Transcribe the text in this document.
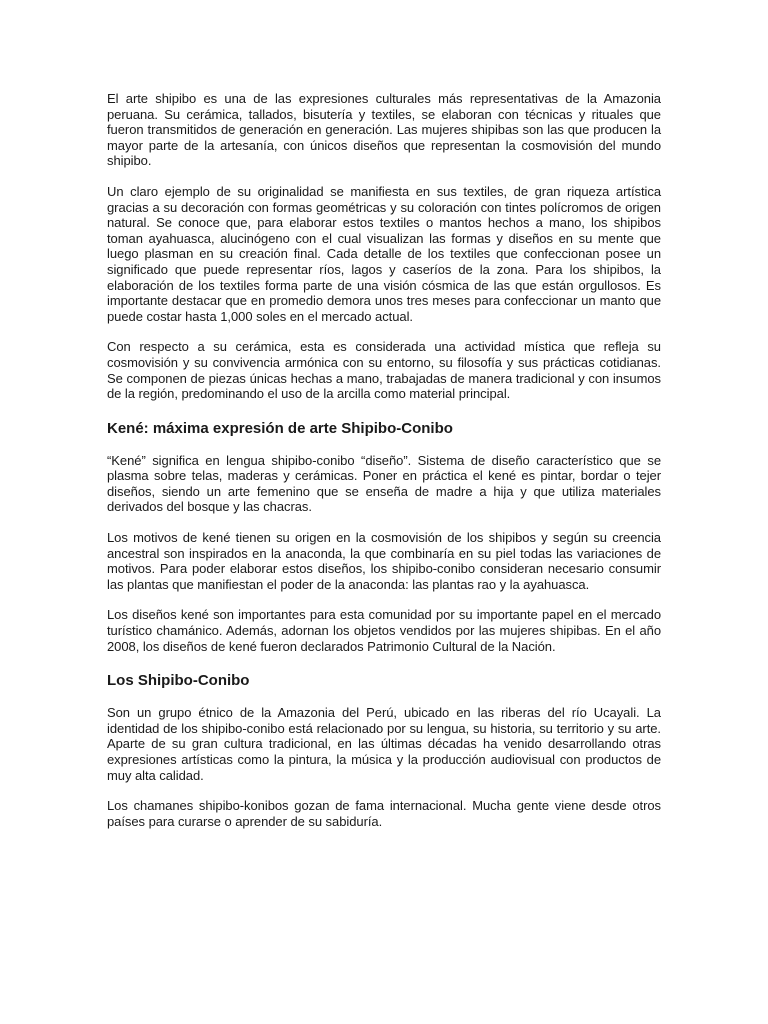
El arte shipibo es una de las expresiones culturales más representativas de la Amazonia peruana. Su cerámica, tallados, bisutería y textiles, se elaboran con técnicas y rituales que fueron transmitidos de generación en generación. Las mujeres shipibas son las que producen la mayor parte de la artesanía, con únicos diseños que representan la cosmovisión del mundo shipibo.

Un claro ejemplo de su originalidad se manifiesta en sus textiles, de gran riqueza artística gracias a su decoración con formas geométricas y su coloración con tintes polícromos de origen natural. Se conoce que, para elaborar estos textiles o mantos hechos a mano, los shipibos toman ayahuasca, alucinógeno con el cual visualizan las formas y diseños en su mente que luego plasman en su creación final. Cada detalle de los textiles que confeccionan posee un significado que puede representar ríos, lagos y caseríos de la zona. Para los shipibos, la elaboración de los textiles forma parte de una visión cósmica de las que están orgullosos. Es importante destacar que en promedio demora unos tres meses para confeccionar un manto que puede costar hasta 1,000 soles en el mercado actual.

Con respecto a su cerámica, esta es considerada una actividad mística que refleja su cosmovisión y su convivencia armónica con su entorno, su filosofía y sus prácticas cotidianas. Se componen de piezas únicas hechas a mano, trabajadas de manera tradicional y con insumos de la región, predominando el uso de la arcilla como material principal.

Kené: máxima expresión de arte Shipibo-Conibo

“Kené” significa en lengua shipibo-conibo “diseño”. Sistema de diseño característico que se plasma sobre telas, maderas y cerámicas. Poner en práctica el kené es pintar, bordar o tejer diseños, siendo un arte femenino que se enseña de madre a hija y que utiliza materiales derivados del bosque y las chacras.

Los motivos de kené tienen su origen en la cosmovisión de los shipibos y según su creencia ancestral son inspirados en la anaconda, la que combinaría en su piel todas las variaciones de motivos. Para poder elaborar estos diseños, los shipibo-conibo consideran necesario consumir las plantas que manifiestan el poder de la anaconda: las plantas rao y la ayahuasca.

Los diseños kené son importantes para esta comunidad por su importante papel en el mercado turístico chamánico. Además, adornan los objetos vendidos por las mujeres shipibas. En el año 2008, los diseños de kené fueron declarados Patrimonio Cultural de la Nación.

Los Shipibo-Conibo

Son un grupo étnico de la Amazonia del Perú, ubicado en las riberas del río Ucayali. La identidad de los shipibo-conibo está relacionado por su lengua, su historia, su territorio y su arte. Aparte de su gran cultura tradicional, en las últimas décadas ha venido desarrollando otras expresiones artísticas como la pintura, la música y la producción audiovisual con productos de muy alta calidad.

Los chamanes shipibo-konibos gozan de fama internacional. Mucha gente viene desde otros países para curarse o aprender de su sabiduría.
